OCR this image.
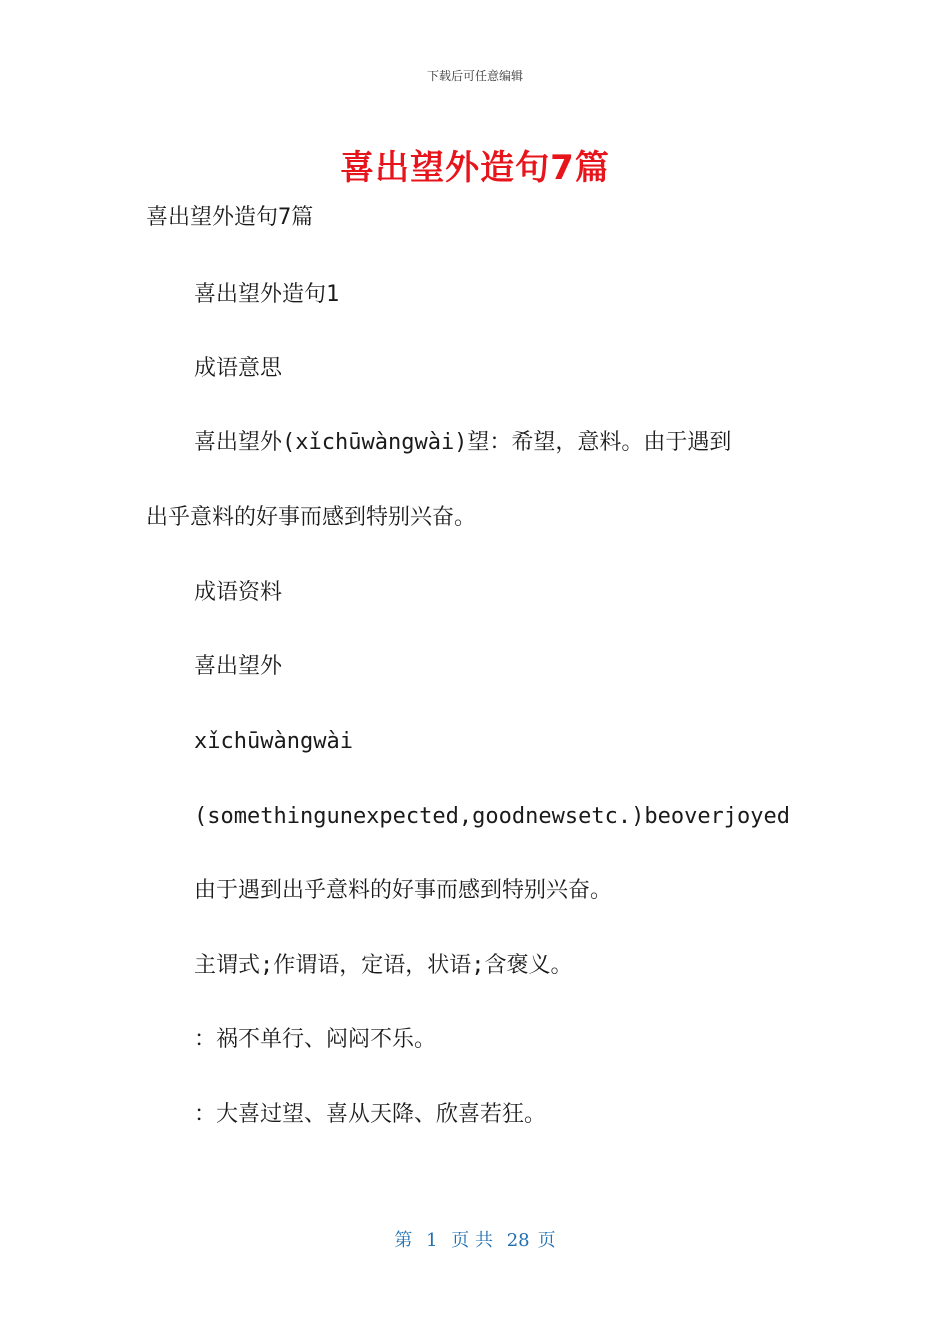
下载后可任意编辑
喜出望外造句7篇
喜出望外造句7篇
喜出望外造句1
成语意思
喜出望外(xǐchūwàngwài)望：希望，意料。由于遇到
出乎意料的好事而感到特别兴奋。
成语资料
喜出望外
xǐchūwàngwài
(somethingunexpected,goodnewsetc.)beoverjoyed
由于遇到出乎意料的好事而感到特别兴奋。
主谓式;作谓语，定语，状语;含褒义。
：祸不单行、闷闷不乐。
：大喜过望、喜从天降、欣喜若狂。
第 1 页 共 28 页
